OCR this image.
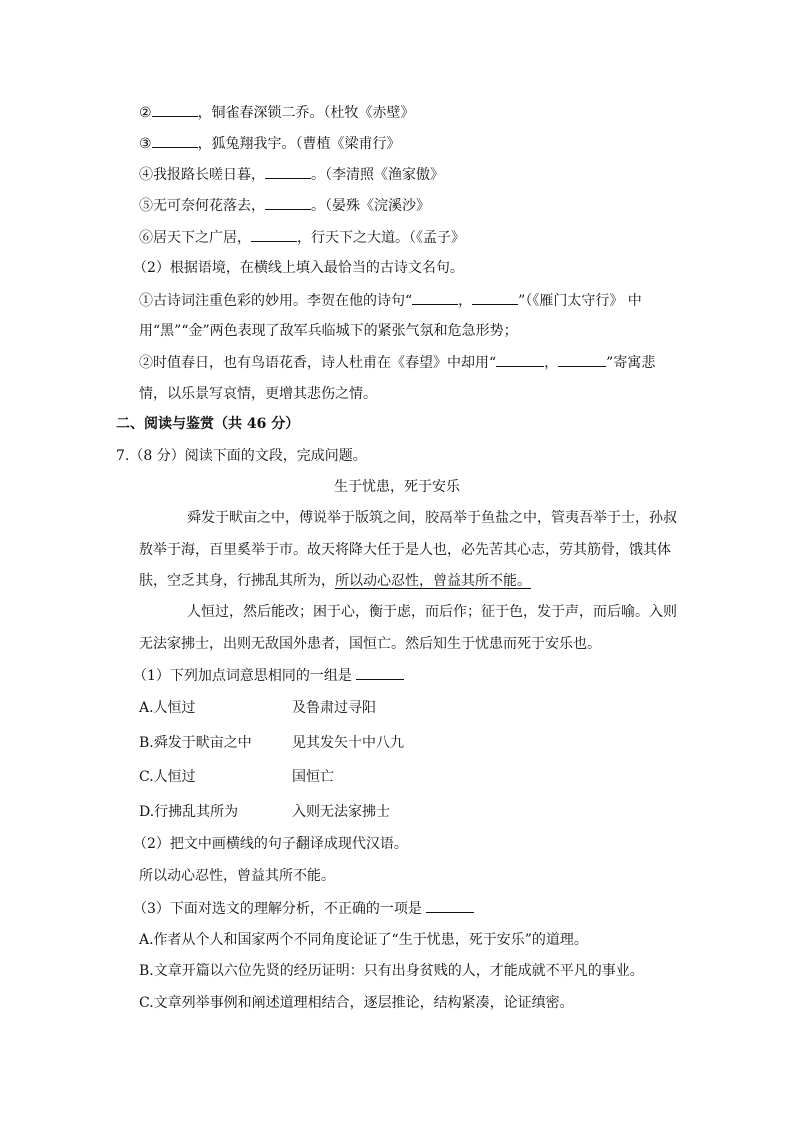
②	，铜雀春深锁二乔。（杜牧《赤壁》
③	，狐兔翔我宇。（曹植《梁甫行》
④我报路长嗟日暮，	。（李清照《渔家傲》
⑤无可奈何花落去，	。（晏殊《浣溪沙》
⑥居天下之广居，	，行天下之大道。（《孟子》
（2）根据语境，在横线上填入最恰当的古诗文名句。
①古诗词注重色彩的妙用。李贺在他的诗句“	，	”（《雁门太守行》 中
用“黑”“金”两色表现了敌军兵临城下的紧张气氛和危急形势；
②时值春日，也有鸟语花香，诗人杜甫在《春望》中却用“	，	”寄寓悲
情，以乐景写哀情，更增其悲伤之情。
二、阅读与鉴赏（共 46 分）
7.（8 分）阅读下面的文段，完成问题。
生于忧患，死于安乐
舜发于畎亩之中，傅说举于版筑之间，胶鬲举于鱼盐之中，管夷吾举于士，孙叔
敖举于海，百里奚举于市。故天将降大任于是人也，必先苦其心志，劳其筋骨，饿其体
肤，空乏其身，行拂乱其所为，所以动心忍性，曾益其所不能。
人恒过，然后能改；困于心，衡于虑，而后作；征于色，发于声，而后喻。入则
无法家拂士，出则无敌国外患者，国恒亡。然后知生于忧患而死于安乐也。
（1）下列加点词意思相同的一组是
A.人恒过	及鲁肃过寻阳
B.舜发于畎亩之中	见其发矢十中八九
C.人恒过	国恒亡
D.行拂乱其所为	入则无法家拂士
（2）把文中画横线的句子翻译成现代汉语。
所以动心忍性，曾益其所不能。
（3）下面对选文的理解分析，不正确的一项是
A.作者从个人和国家两个不同角度论证了“生于忧患，死于安乐”的道理。
B.文章开篇以六位先贤的经历证明：只有出身贫贱的人，才能成就不平凡的事业。
C.文章列举事例和阐述道理相结合，逐层推论，结构紧凑，论证缜密。
